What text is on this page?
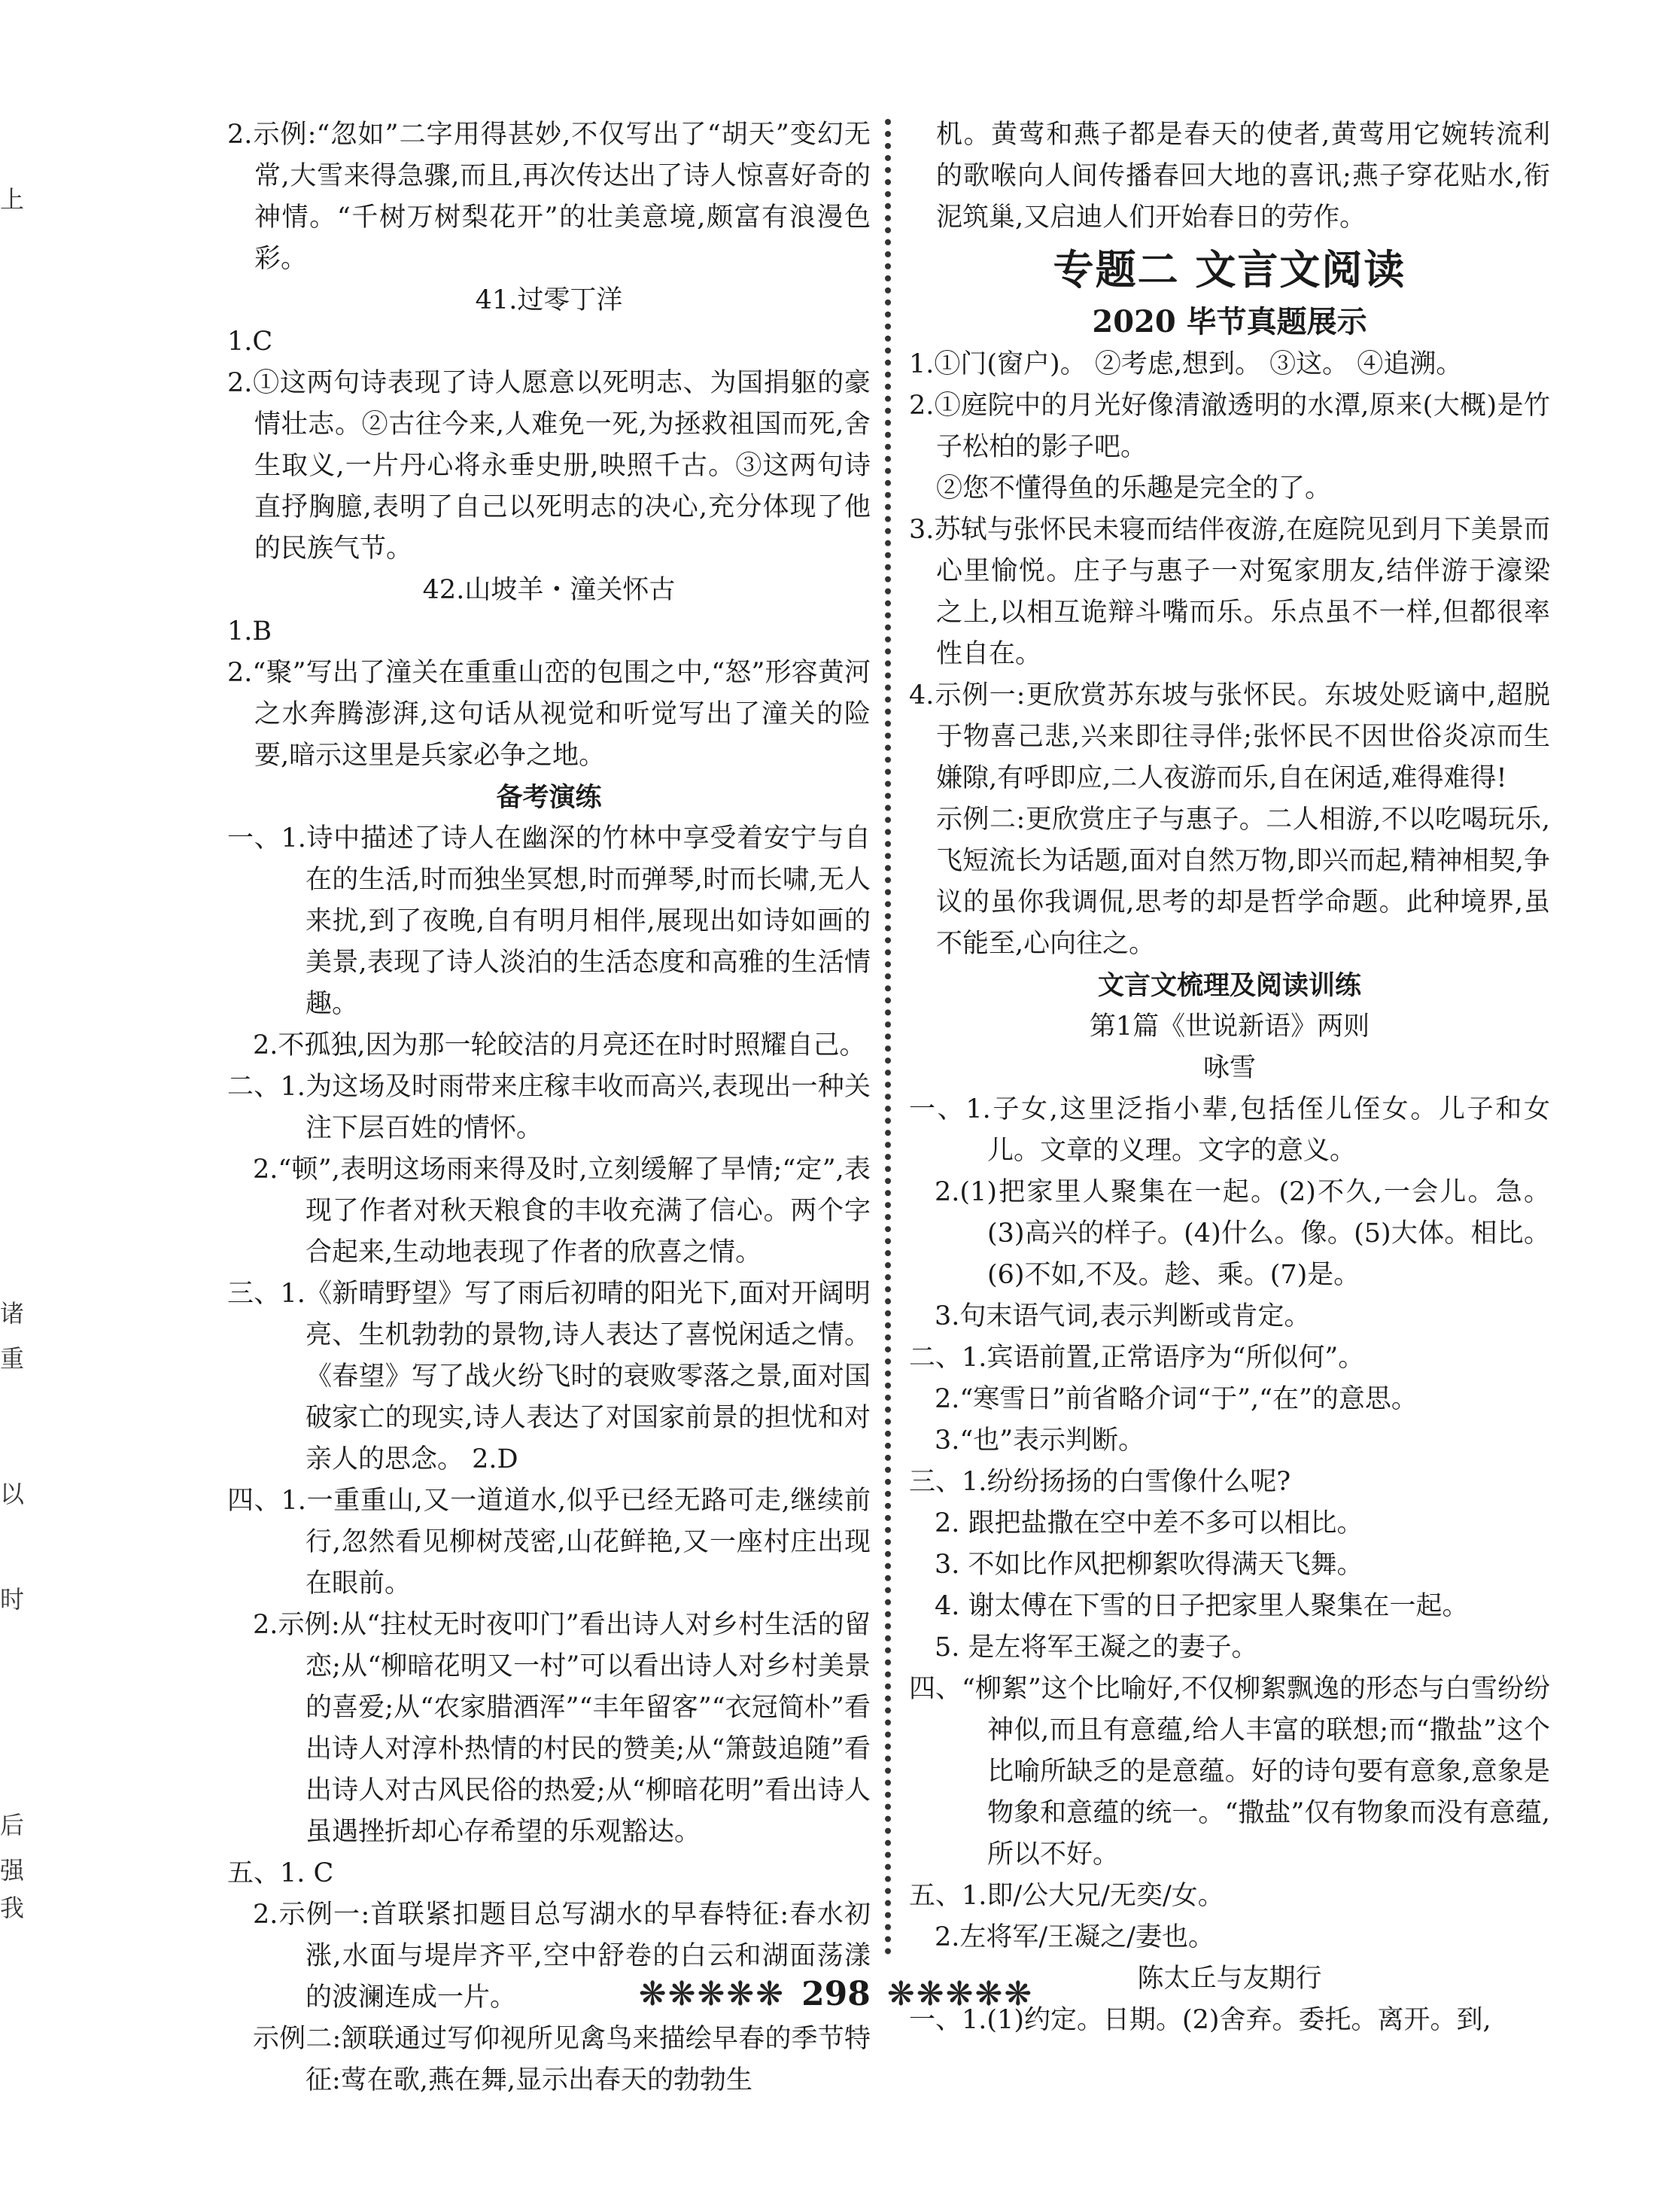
上
诸
重
以
时
后
强
我

2.示例:“忽如”二字用得甚妙,不仅写出了“胡天”变幻无常,大雪来得急骤,而且,再次传达出了诗人惊喜好奇的神情。“千树万树梨花开”的壮美意境,颇富有浪漫色彩。

41.过零丁洋

1.C

2.①这两句诗表现了诗人愿意以死明志、为国捐躯的豪情壮志。②古往今来,人难免一死,为拯救祖国而死,舍生取义,一片丹心将永垂史册,映照千古。③这两句诗直抒胸臆,表明了自己以死明志的决心,充分体现了他的民族气节。

42.山坡羊・潼关怀古

1.B

2.“聚”写出了潼关在重重山峦的包围之中,“怒”形容黄河之水奔腾澎湃,这句话从视觉和听觉写出了潼关的险要,暗示这里是兵家必争之地。

备考演练

一、1.诗中描述了诗人在幽深的竹林中享受着安宁与自在的生活,时而独坐冥想,时而弹琴,时而长啸,无人来扰,到了夜晚,自有明月相伴,展现出如诗如画的美景,表现了诗人淡泊的生活态度和高雅的生活情趣。

2.不孤独,因为那一轮皎洁的月亮还在时时照耀自己。

二、1.为这场及时雨带来庄稼丰收而高兴,表现出一种关注下层百姓的情怀。

2.“顿”,表明这场雨来得及时,立刻缓解了旱情;“定”,表现了作者对秋天粮食的丰收充满了信心。两个字合起来,生动地表现了作者的欣喜之情。

三、1.《新晴野望》写了雨后初晴的阳光下,面对开阔明亮、生机勃勃的景物,诗人表达了喜悦闲适之情。《春望》写了战火纷飞时的衰败零落之景,面对国破家亡的现实,诗人表达了对国家前景的担忧和对亲人的思念。 2.D

四、1.一重重山,又一道道水,似乎已经无路可走,继续前行,忽然看见柳树茂密,山花鲜艳,又一座村庄出现在眼前。

2.示例:从“拄杖无时夜叩门”看出诗人对乡村生活的留恋;从“柳暗花明又一村”可以看出诗人对乡村美景的喜爱;从“农家腊酒浑”“丰年留客”“衣冠简朴”看出诗人对淳朴热情的村民的赞美;从“箫鼓追随”看出诗人对古风民俗的热爱;从“柳暗花明”看出诗人虽遇挫折却心存希望的乐观豁达。

五、1. C

2.示例一:首联紧扣题目总写湖水的早春特征:春水初涨,水面与堤岸齐平,空中舒卷的白云和湖面荡漾的波澜连成一片。

示例二:颔联通过写仰视所见禽鸟来描绘早春的季节特征:莺在歌,燕在舞,显示出春天的勃勃生

机。黄莺和燕子都是春天的使者,黄莺用它婉转流利的歌喉向人间传播春回大地的喜讯;燕子穿花贴水,衔泥筑巢,又启迪人们开始春日的劳作。

专题二 文言文阅读

2020 毕节真题展示

1.①门(窗户)。 ②考虑,想到。 ③这。 ④追溯。

2.①庭院中的月光好像清澈透明的水潭,原来(大概)是竹子松柏的影子吧。

②您不懂得鱼的乐趣是完全的了。

3.苏轼与张怀民未寝而结伴夜游,在庭院见到月下美景而心里愉悦。庄子与惠子一对冤家朋友,结伴游于濠梁之上,以相互诡辩斗嘴而乐。乐点虽不一样,但都很率性自在。

4.示例一:更欣赏苏东坡与张怀民。东坡处贬谪中,超脱于物喜己悲,兴来即往寻伴;张怀民不因世俗炎凉而生嫌隙,有呼即应,二人夜游而乐,自在闲适,难得难得!

示例二:更欣赏庄子与惠子。二人相游,不以吃喝玩乐,飞短流长为话题,面对自然万物,即兴而起,精神相契,争议的虽你我调侃,思考的却是哲学命题。此种境界,虽不能至,心向往之。

文言文梳理及阅读训练

第1篇《世说新语》两则

咏雪

一、1.子女,这里泛指小辈,包括侄儿侄女。儿子和女儿。文章的义理。文字的意义。

2.(1)把家里人聚集在一起。(2)不久,一会儿。急。(3)高兴的样子。(4)什么。像。(5)大体。相比。(6)不如,不及。趁、乘。(7)是。

3.句末语气词,表示判断或肯定。

二、1.宾语前置,正常语序为“所似何”。

2.“寒雪日”前省略介词“于”,“在”的意思。

3.“也”表示判断。

三、1.纷纷扬扬的白雪像什么呢?

2. 跟把盐撒在空中差不多可以相比。

3. 不如比作风把柳絮吹得满天飞舞。

4. 谢太傅在下雪的日子把家里人聚集在一起。

5. 是左将军王凝之的妻子。

四、“柳絮”这个比喻好,不仅柳絮飘逸的形态与白雪纷纷神似,而且有意蕴,给人丰富的联想;而“撒盐”这个比喻所缺乏的是意蕴。好的诗句要有意象,意象是物象和意蕴的统一。“撒盐”仅有物象而没有意蕴,所以不好。

五、1.即/公大兄/无奕/女。

2.左将军/王凝之/妻也。

陈太丘与友期行

一、1.(1)约定。日期。(2)舍弃。委托。离开。到,

❋❋❋❋❋ 298 ❋❋❋❋❋
